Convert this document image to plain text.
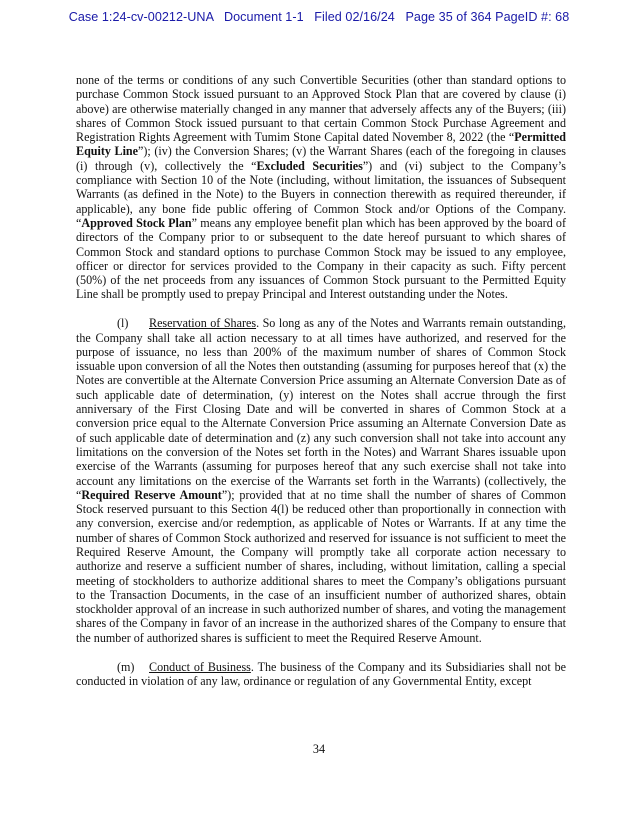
Case 1:24-cv-00212-UNA   Document 1-1   Filed 02/16/24   Page 35 of 364 PageID #: 68

none of the terms or conditions of any such Convertible Securities (other than standard options to purchase Common Stock issued pursuant to an Approved Stock Plan that are covered by clause (i) above) are otherwise materially changed in any manner that adversely affects any of the Buyers; (iii) shares of Common Stock issued pursuant to that certain Common Stock Purchase Agreement and Registration Rights Agreement with Tumim Stone Capital dated November 8, 2022 (the “Permitted Equity Line”); (iv) the Conversion Shares; (v) the Warrant Shares (each of the foregoing in clauses (i) through (v), collectively the “Excluded Securities”) and (vi) subject to the Company’s compliance with Section 10 of the Note (including, without limitation, the issuances of Subsequent Warrants (as defined in the Note) to the Buyers in connection therewith as required thereunder, if applicable), any bone fide public offering of Common Stock and/or Options of the Company. “Approved Stock Plan” means any employee benefit plan which has been approved by the board of directors of the Company prior to or subsequent to the date hereof pursuant to which shares of Common Stock and standard options to purchase Common Stock may be issued to any employee, officer or director for services provided to the Company in their capacity as such. Fifty percent (50%) of the net proceeds from any issuances of Common Stock pursuant to the Permitted Equity Line shall be promptly used to prepay Principal and Interest outstanding under the Notes.

(l) Reservation of Shares. So long as any of the Notes and Warrants remain outstanding, the Company shall take all action necessary to at all times have authorized, and reserved for the purpose of issuance, no less than 200% of the maximum number of shares of Common Stock issuable upon conversion of all the Notes then outstanding (assuming for purposes hereof that (x) the Notes are convertible at the Alternate Conversion Price assuming an Alternate Conversion Date as of such applicable date of determination, (y) interest on the Notes shall accrue through the first anniversary of the First Closing Date and will be converted in shares of Common Stock at a conversion price equal to the Alternate Conversion Price assuming an Alternate Conversion Date as of such applicable date of determination and (z) any such conversion shall not take into account any limitations on the conversion of the Notes set forth in the Notes) and Warrant Shares issuable upon exercise of the Warrants (assuming for purposes hereof that any such exercise shall not take into account any limitations on the exercise of the Warrants set forth in the Warrants) (collectively, the “Required Reserve Amount”); provided that at no time shall the number of shares of Common Stock reserved pursuant to this Section 4(l) be reduced other than proportionally in connection with any conversion, exercise and/or redemption, as applicable of Notes or Warrants. If at any time the number of shares of Common Stock authorized and reserved for issuance is not sufficient to meet the Required Reserve Amount, the Company will promptly take all corporate action necessary to authorize and reserve a sufficient number of shares, including, without limitation, calling a special meeting of stockholders to authorize additional shares to meet the Company’s obligations pursuant to the Transaction Documents, in the case of an insufficient number of authorized shares, obtain stockholder approval of an increase in such authorized number of shares, and voting the management shares of the Company in favor of an increase in the authorized shares of the Company to ensure that the number of authorized shares is sufficient to meet the Required Reserve Amount.

(m) Conduct of Business. The business of the Company and its Subsidiaries shall not be conducted in violation of any law, ordinance or regulation of any Governmental Entity, except

34
